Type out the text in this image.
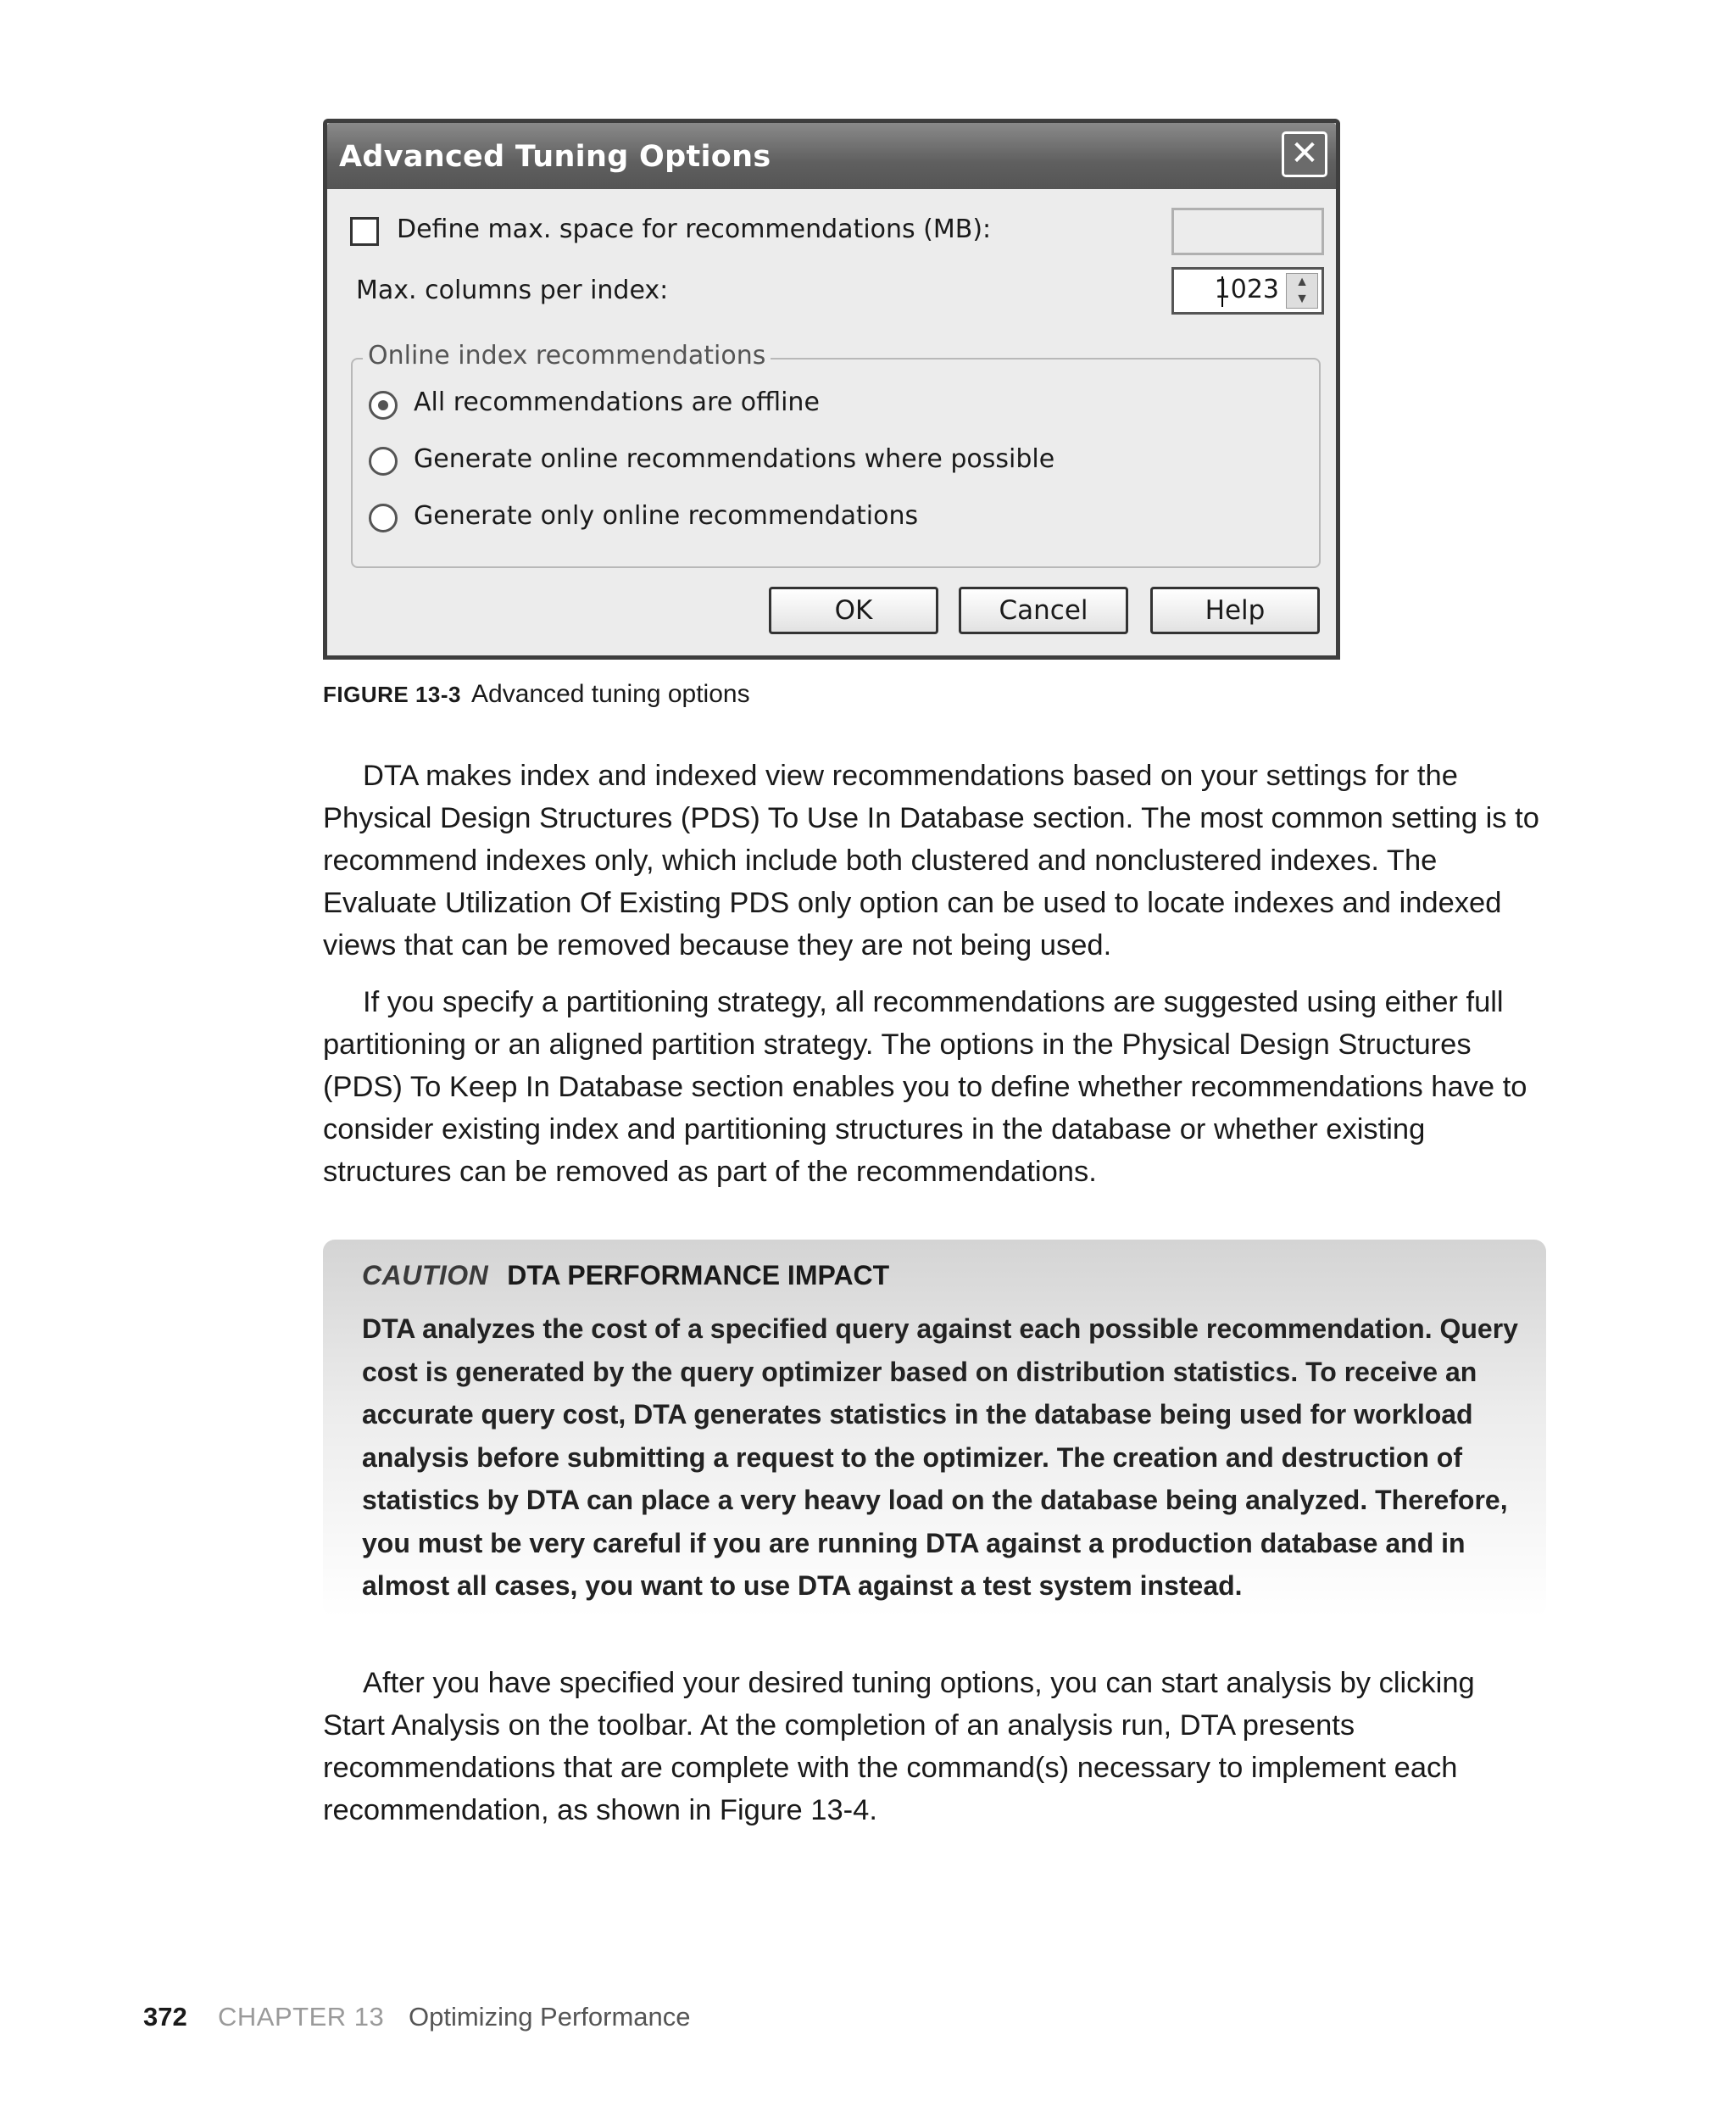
Advanced Tuning Options	✕
Define max. space for recommendations (MB):
Max. columns per index:	1023	▲
▼
Online index recommendations
All recommendations are offline
Generate online recommendations where possible
Generate only online recommendations
OK	Cancel	Help
FIGURE 13-3 Advanced tuning options

DTA makes index and indexed view recommendations based on your settings for the Physical Design Structures (PDS) To Use In Database section. The most common setting is to recommend indexes only, which include both clustered and nonclustered indexes. The Evaluate Utilization Of Existing PDS only option can be used to locate indexes and indexed views that can be removed because they are not being used.

If you specify a partitioning strategy, all recommendations are suggested using either full partitioning or an aligned partition strategy. The options in the Physical Design Structures (PDS) To Keep In Database section enables you to define whether recommendations have to consider existing index and partitioning structures in the database or whether existing structures can be removed as part of the recommendations.

CAUTION DTA PERFORMANCE IMPACT
DTA analyzes the cost of a specified query against each possible recommendation. Query cost is generated by the query optimizer based on distribution statistics. To receive an accurate query cost, DTA generates statistics in the database being used for workload analysis before submitting a request to the optimizer. The creation and destruction of statistics by DTA can place a very heavy load on the database being analyzed. Therefore, you must be very careful if you are running DTA against a production database and in almost all cases, you want to use DTA against a test system instead.

After you have specified your desired tuning options, you can start analysis by clicking Start Analysis on the toolbar. At the completion of an analysis run, DTA presents recommendations that are complete with the command(s) necessary to implement each recommendation, as shown in Figure 13-4.

372 CHAPTER 13 Optimizing Performance
